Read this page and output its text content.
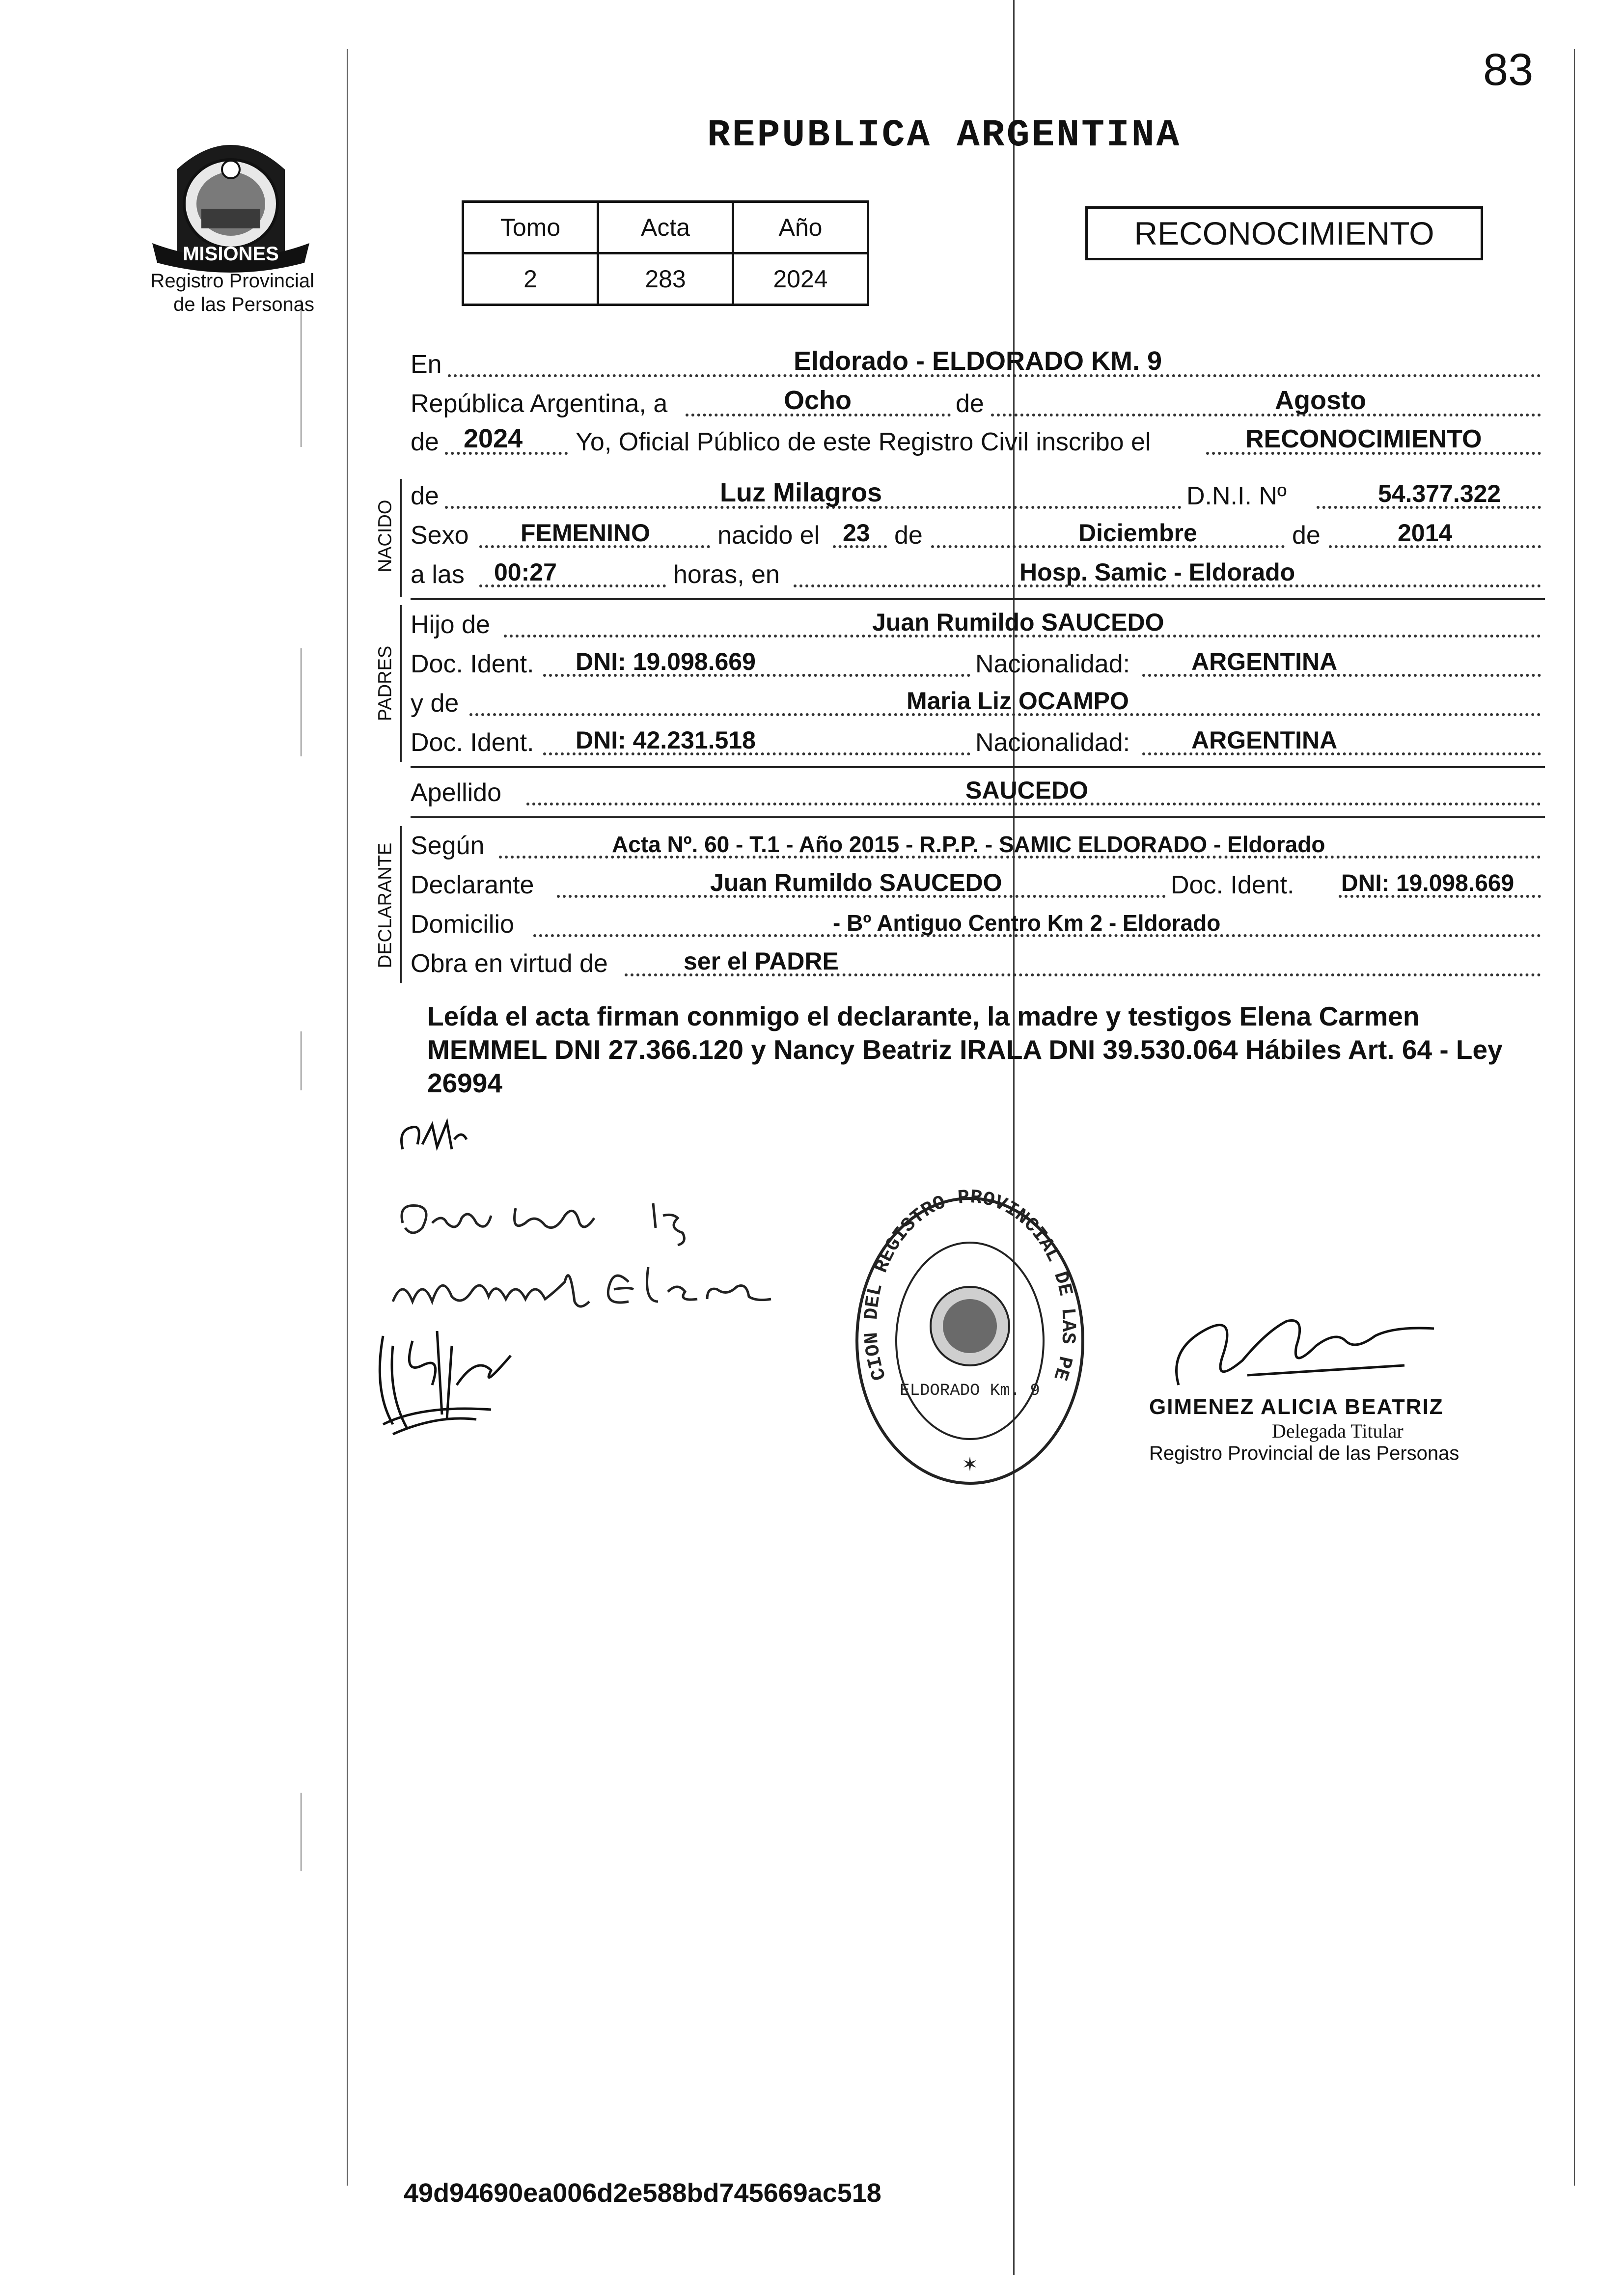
83
MISIONES
PROVINCIA DE
Registro Provincial
de las Personas
REPUBLICA ARGENTINA
Tomo	Acta	Año
2	283	2024
RECONOCIMIENTO
En	Eldorado - ELDORADO KM. 9
República Argentina, a	Ocho	de	Agosto
de 2024 Yo, Oficial Público de este Registro Civil inscribo el	RECONOCIMIENTO
NACIDO
de	Luz Milagros	D.N.I. Nº	54.377.322
Sexo FEMENINO	nacido el 23 de	Diciembre	de	2014
a las 00:27	horas, en	Hosp. Samic - Eldorado
PADRES
Hijo de	Juan Rumildo SAUCEDO
Doc. Ident. DNI: 19.098.669	Nacionalidad: ARGENTINA
y de	Maria Liz OCAMPO
Doc. Ident. DNI: 42.231.518	Nacionalidad: ARGENTINA
Apellido	SAUCEDO
DECLARANTE Según	Acta Nº. 60 - T.1 - Año 2015 - R.P.P. - SAMIC ELDORADO - Eldorado
Declarante	Juan Rumildo SAUCEDO	Doc. Ident. DNI: 19.098.669
Domicilio	- Bº Antiguo Centro Km 2 - Eldorado
Obra en virtud de	ser el PADRE
Leída el acta firman conmigo el declarante, la madre y testigos Elena Carmen MEMMEL DNI 27.366.120 y Nancy Beatriz IRALA DNI 39.530.064 Hábiles Art. 64 - Ley 26994
CION DEL REGISTRO PROVINCIAL DE LAS PE
ELDORADO Km. 9
✶
GIMENEZ ALICIA BEATRIZ
Delegada Titular
Registro Provincial de las Personas
49d94690ea006d2e588bd745669ac518
